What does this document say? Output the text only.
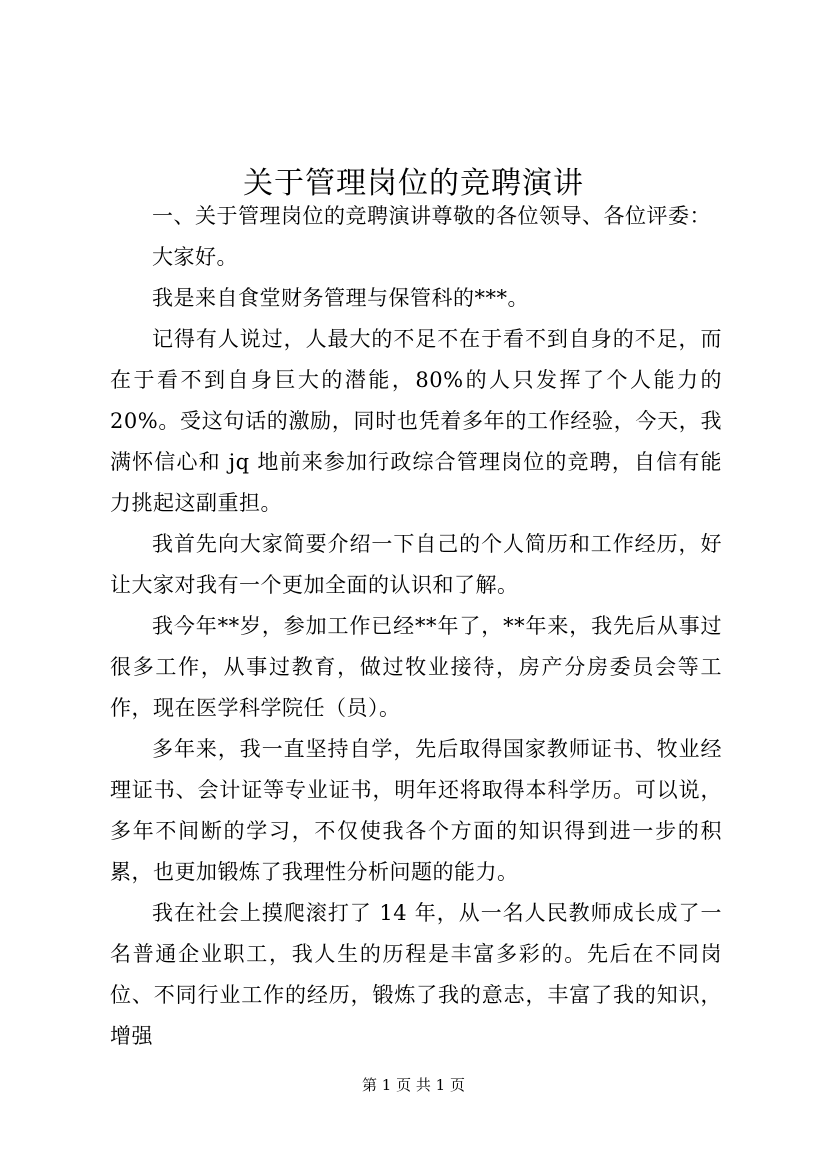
关于管理岗位的竞聘演讲

一、关于管理岗位的竞聘演讲尊敬的各位领导、各位评委：

大家好。

我是来自食堂财务管理与保管科的***。

记得有人说过，人最大的不足不在于看不到自身的不足，而在于看不到自身巨大的潜能，80%的人只发挥了个人能力的20%。受这句话的激励，同时也凭着多年的工作经验，今天，我满怀信心和 jq 地前来参加行政综合管理岗位的竞聘，自信有能力挑起这副重担。

我首先向大家简要介绍一下自己的个人简历和工作经历，好让大家对我有一个更加全面的认识和了解。

我今年**岁，参加工作已经**年了，**年来，我先后从事过很多工作，从事过教育，做过牧业接待，房产分房委员会等工作，现在医学科学院任（员）。

多年来，我一直坚持自学，先后取得国家教师证书、牧业经理证书、会计证等专业证书，明年还将取得本科学历。可以说，多年不间断的学习，不仅使我各个方面的知识得到进一步的积累，也更加锻炼了我理性分析问题的能力。

我在社会上摸爬滚打了 14 年，从一名人民教师成长成了一名普通企业职工，我人生的历程是丰富多彩的。先后在不同岗位、不同行业工作的经历，锻炼了我的意志，丰富了我的知识，增强

第 1 页 共 1 页
